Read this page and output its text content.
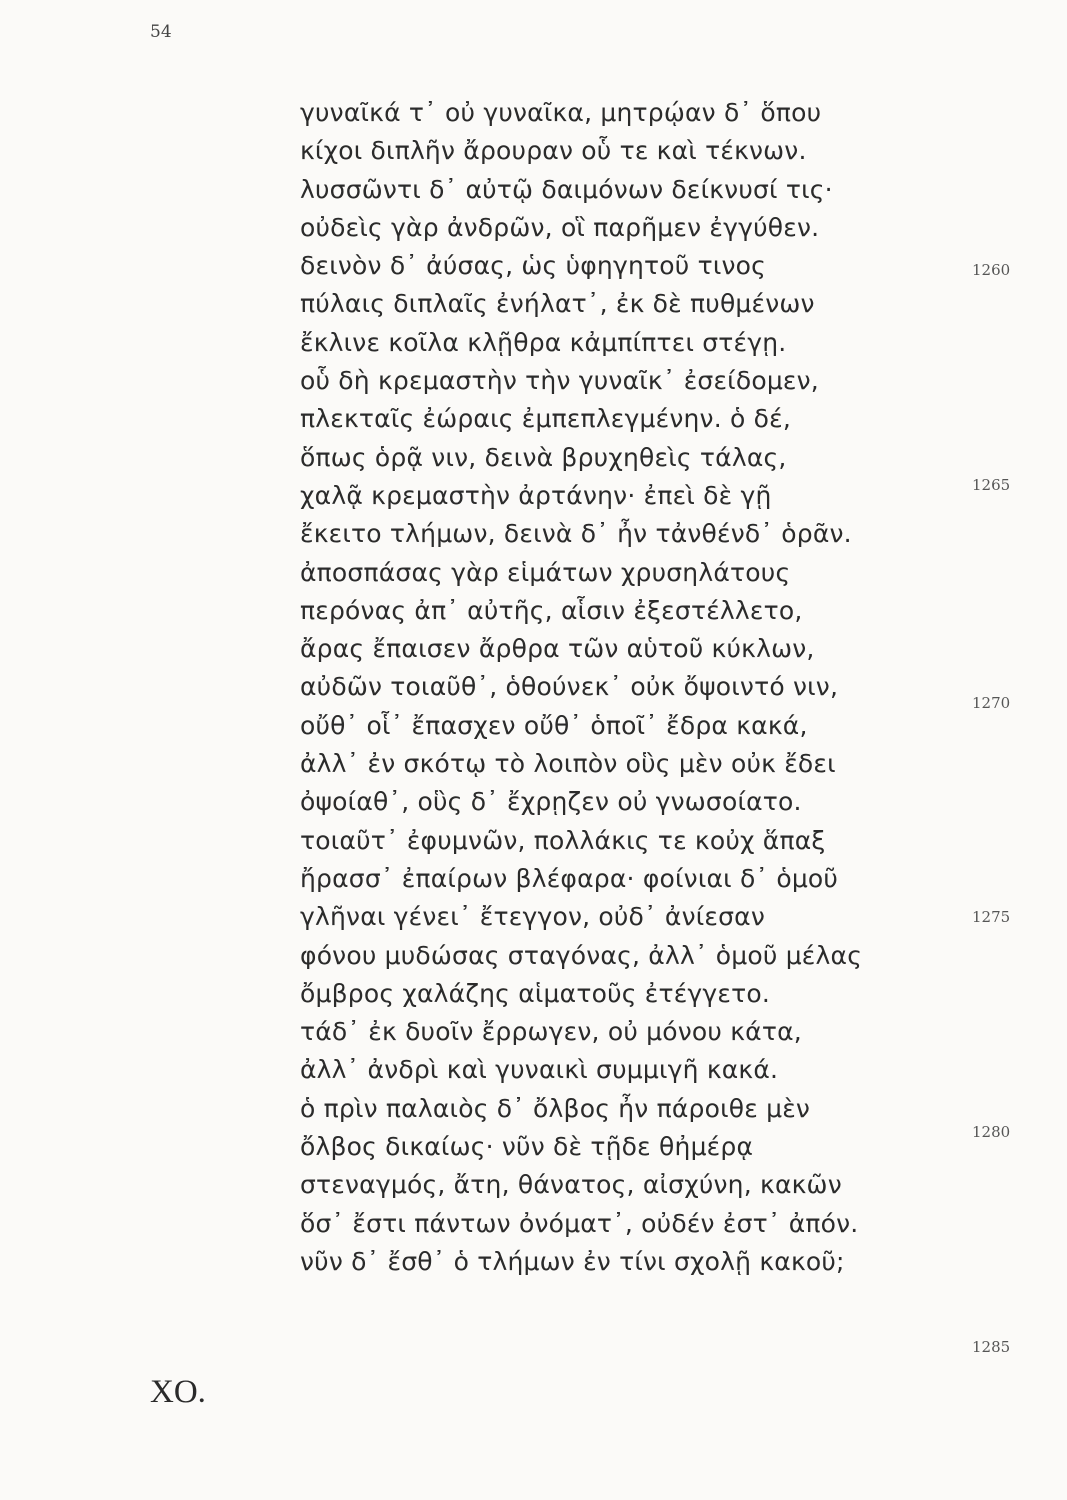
54
γυναῖκά τ᾽ οὐ γυναῖκα, μητρῴαν δ᾽ ὅπου
κίχοι διπλῆν ἄρουραν οὗ τε καὶ τέκνων.
λυσσῶντι δ᾽ αὐτῷ δαιμόνων δείκνυσί τις·
οὐδεὶς γὰρ ἀνδρῶν, οἳ παρῆμεν ἐγγύθεν.
δεινὸν δ᾽ ἀύσας, ὡς ὑφηγητοῦ τινος
πύλαις διπλαῖς ἐνήλατ᾽, ἐκ δὲ πυθμένων
ἔκλινε κοῖλα κλῇθρα κἀμπίπτει στέγῃ.
οὗ δὴ κρεμαστὴν τὴν γυναῖκ᾽ ἐσείδομεν,
πλεκταῖς ἐώραις ἐμπεπλεγμένην. ὁ δέ,
ὅπως ὁρᾷ νιν, δεινὰ βρυχηθεὶς τάλας,
χαλᾷ κρεμαστὴν ἀρτάνην· ἐπεὶ δὲ γῇ
ἔκειτο τλήμων, δεινὰ δ᾽ ἦν τἀνθένδ᾽ ὁρᾶν.
ἀποσπάσας γὰρ εἱμάτων χρυσηλάτους
περόνας ἀπ᾽ αὐτῆς, αἷσιν ἐξεστέλλετο,
ἄρας ἔπαισεν ἄρθρα τῶν αὑτοῦ κύκλων,
αὐδῶν τοιαῦθ᾽, ὁθούνεκ᾽ οὐκ ὄψοιντό νιν,
οὔθ᾽ οἷ᾽ ἔπασχεν οὔθ᾽ ὁποῖ᾽ ἔδρα κακά,
ἀλλ᾽ ἐν σκότῳ τὸ λοιπὸν οὓς μὲν οὐκ ἔδει
ὀψοίαθ᾽, οὓς δ᾽ ἔχρῃζεν οὐ γνωσοίατο.
τοιαῦτ᾽ ἐφυμνῶν, πολλάκις τε κοὐχ ἅπαξ
ἤρασσ᾽ ἐπαίρων βλέφαρα· φοίνιαι δ᾽ ὁμοῦ
γλῆναι γένει᾽ ἔτεγγον, οὐδ᾽ ἀνίεσαν
φόνου μυδώσας σταγόνας, ἀλλ᾽ ὁμοῦ μέλας
ὄμβρος χαλάζης αἱματοῦς ἐτέγγετο.
τάδ᾽ ἐκ δυοῖν ἔρρωγεν, οὐ μόνου κάτα,
ἀλλ᾽ ἀνδρὶ καὶ γυναικὶ συμμιγῆ κακά.
ὁ πρὶν παλαιὸς δ᾽ ὄλβος ἦν πάροιθε μὲν
ὄλβος δικαίως· νῦν δὲ τῇδε θἠμέρᾳ
στεναγμός, ἄτη, θάνατος, αἰσχύνη, κακῶν
ὅσ᾽ ἔστι πάντων ὀνόματ᾽, οὐδέν ἐστ᾽ ἀπόν.
νῦν δ᾽ ἔσθ᾽ ὁ τλήμων ἐν τίνι σχολῇ κακοῦ;
1260
1265
1270
1275
1280
1285
ΧΟ.
